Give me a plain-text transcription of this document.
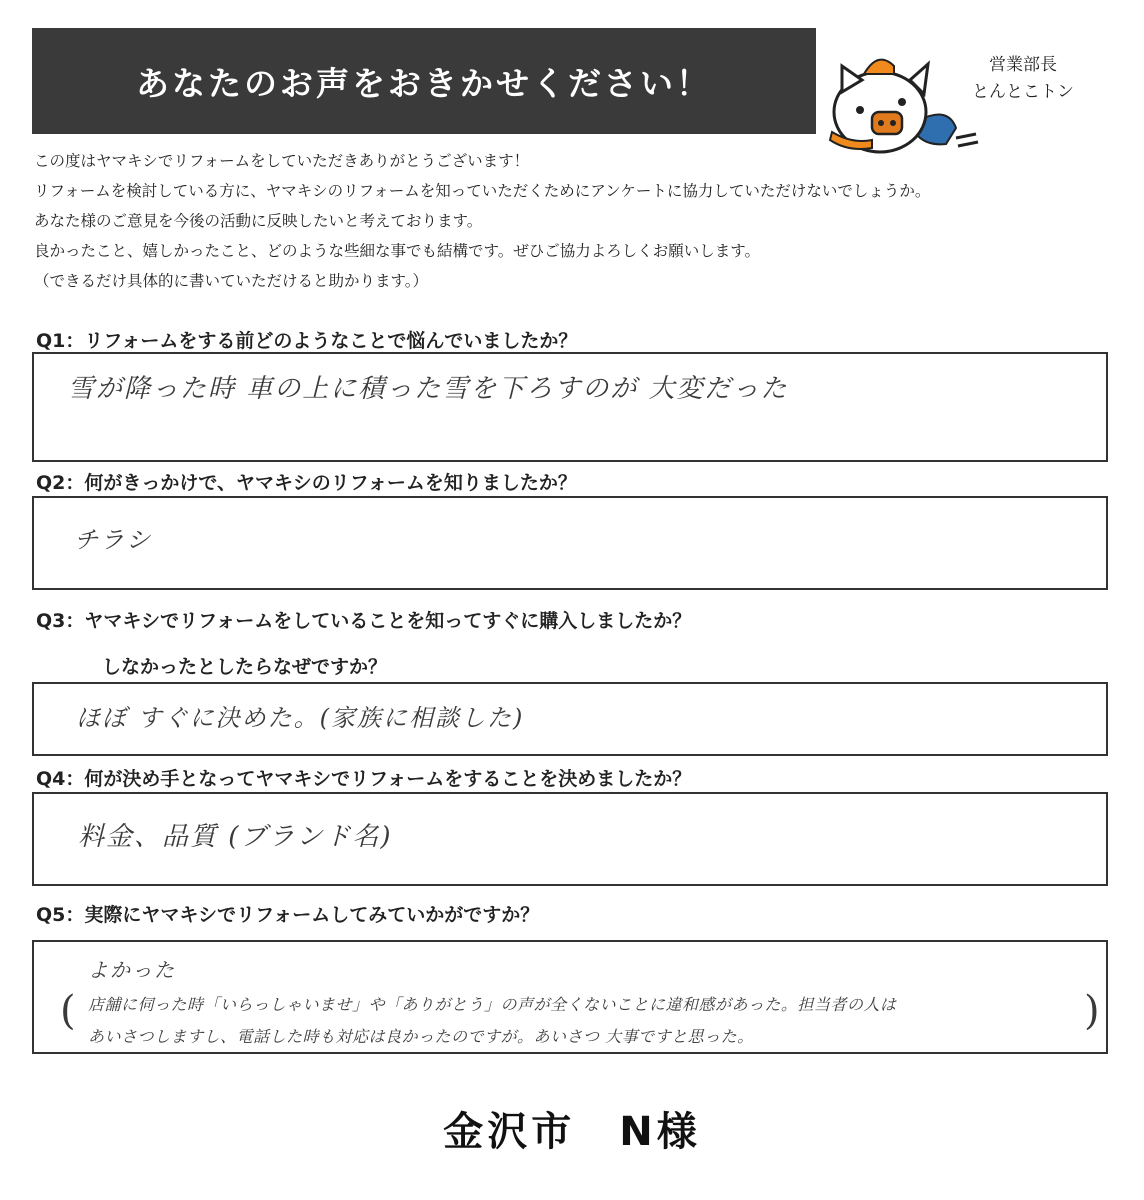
あなたのお声をおきかせください！	営業部長
とんとこトン
この度はヤマキシでリフォームをしていただきありがとうございます！
リフォームを検討している方に、ヤマキシのリフォームを知っていただくためにアンケートに協力していただけないでしょうか。
あなた様のご意見を今後の活動に反映したいと考えております。
良かったこと、嬉しかったこと、どのような些細な事でも結構です。ぜひご協力よろしくお願いします。
（できるだけ具体的に書いていただけると助かります。）
Q1：リフォームをする前どのようなことで悩んでいましたか？
雪が降った時 車の上に積った雪を下ろすのが 大変だった
Q2：何がきっかけで、ヤマキシのリフォームを知りましたか？
チラシ
Q3：ヤマキシでリフォームをしていることを知ってすぐに購入しましたか？
しなかったとしたらなぜですか？
ほぼ すぐに決めた。(家族に相談した)
Q4：何が決め手となってヤマキシでリフォームをすることを決めましたか？
料金、品質 (ブランド名)
Q5：実際にヤマキシでリフォームしてみていかがですか？
よかった
( 店舗に伺った時「いらっしゃいませ」や「ありがとう」の声が全くないことに違和感があった。担当者の人は
あいさつしますし、電話した時も対応は良かったのですが。あいさつ 大事ですと思った。
)
金沢市 N様
